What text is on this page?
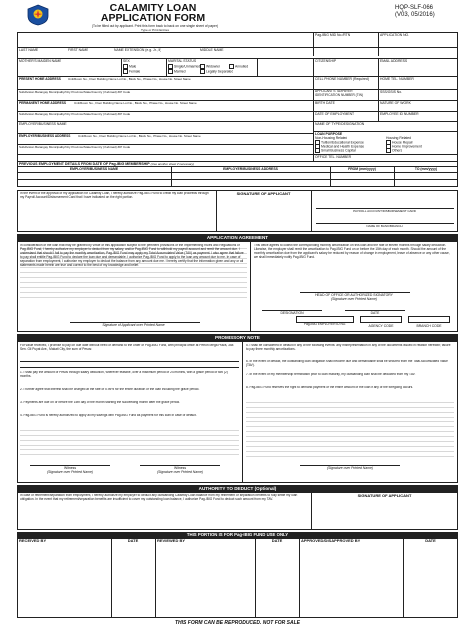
CALAMITY LOAN
APPLICATION FORM
(To be filled out by applicant. Print this form back to back on one single sheet of paper)
Type or Print Entries
HQP-SLF-066
(V03, 05/2016)
Pag-IBIG MID No./RTN	APPLICATION NO.
LAST NAME	FIRST NAME	NAME EXTENSION (e.g. Jr., II)	MIDDLE NAME
MOTHER'S MAIDEN NAME	SEX
Male
Female
MARITAL STATUS
Single/Unmarried
Married
Widow/er
Legally Separated
Annulled
CITIZENSHIP	EMAIL ADDRESS
PRESENT HOME ADDRESS	Unit/Room No., Floor Building Name Lot No., Block No., Phase No., House No. Street Name	CELL PHONE NUMBER (Required)	HOME TEL. NUMBER
Subdivision Barangay Municipality/City Province/State/Country (if abroad) ZIP Code	APPLICANT'S TAXPAYER IDENTIFICATION NUMBER (TIN)
SSS/GSIS No.
PERMANENT HOME ADDRESS	Unit/Room No., Floor Building Name Lot No., Block No., Phase No., House No. Street Name	BIRTH DATE	NATURE OF WORK
Subdivision Barangay Municipality/City Province/State/Country (if abroad) ZIP Code	DATE OF EMPLOYMENT	EMPLOYEE ID NUMBER
EMPLOYER/BUSINESS NAME	NAME OF TYPE/DESIGNATION
EMPLOYER/BUSINESS ADDRESS	Unit/Room No., Floor Building Name Lot No., Block No., Phase No., House No. Street Name
Subdivision Barangay Municipality/City Province/State/Country (if abroad) ZIP Code
LOAN PURPOSE
Non-Housing Related
Tuition/Educational Expense
Medical and Health Expense
Small Business Capital
Housing Related
House Repair
Home Improvement
Others
OFFICE TEL. NUMBER
PREVIOUS EMPLOYMENT DETAILS FROM DATE OF Pag-IBIG MEMBERSHIP (Use another sheet if necessary)
EMPLOYER/BUSINESS NAME	EMPLOYER/BUSINESS ADDRESS	FROM (mm/yyyy)	TO (mm/yyyy)
In the event of the approval of my application for Calamity Loan, I hereby authorize Pag-IBIG Fund to credit my loan proceeds through my Payroll Account/Disbursement Card that I have indicated on the right portion.
SIGNATURE OF APPLICANT
PAYROLL ACCOUNT/DISBURSEMENT CARD
NAME OF BANK/BRANCH
APPLICATION AGREEMENT
In consideration of the loan that may be granted by virtue of this application subject to the pertinent provisions of the Implementing Rules and Regulations of Pag-IBIG Fund, I hereby authorize my employer to deduct from my salary, and/or Pag-IBIG Fund to withhold my payroll account and remit the amount due. I understand that should I fail to pay the monthly amortization, Pag-IBIG Fund may apply my Total Accumulated Value (TAV) as payment. I also agree that failure to pay shall entitle Pag-IBIG Fund to declare the loan due and demandable. I authorize Pag-IBIG Fund to apply to the loan any amount due to me. In case of separation from employment, I authorize my employer to deduct the balance from any amount due me. I hereby certify that the information given and any or all statements made herein are true and correct to the best of my knowledge and belief.
Signature of Applicant over Printed Name
This office agrees to collect the corresponding monthly amortization on this loan and the rate of eleven months through salary deduction. Likewise, the employer shall remit the amortization to Pag-IBIG Fund on or before the 15th day of each month. Should the amount of the monthly amortization due from the applicant's salary be reduced by reason of change in employment, leave of absence or any other cause, we shall immediately notify Pag-IBIG Fund.
HEAD OF OFFICE OR AUTHORIZED SIGNATORY
(Signature over Printed Name)
DESIGNATION	DATE
Pag-IBIG EMPLOYER ID NO.	AGENCY CODE	BRANCH CODE
PROMISSORY NOTE
For value received, I promise to pay on due date without need of demand to the order of Pag-IBIG Fund, with principal office at Petron Mega Plaza, 358 Sen. Gil Puyat Ave., Makati City, the sum of Pesos:
1. I shall pay the amount of Pesos through salary deduction, wherever feasible, over a maximum period of 24 months, with a grace period of two (2) months.
2. I further agree that interest shall be charged at the rate of 5.95% for the entire duration of the loan including the grace period.
3. Payments are due on or before the 15th day of the month starting the succeeding month after the grace period.
4. Pag-IBIG Fund is hereby authorized to apply all my savings with Pag-IBIG Fund as payment for this loan in case of default.
5. I shall be considered in default in any of the following events: any misrepresentation in any of the documents issued in relation herewith; failure to pay three monthly amortizations.
6. In the event of default, the outstanding loan obligation shall become due and demandable shall be secured from the Total Accumulated Value (TAV).
7. In the event of my membership termination prior to loan maturity, my outstanding loan shall be deducted from my TAV.
8. Pag-IBIG Fund reserves the right to demand payment of the entire amount of the loan if any of the foregoing occurs.
Witness	Witness
(Signature over Printed Name)	(Signature over Printed Name)
(Signature over Printed Name)
AUTHORITY TO DEDUCT (Optional)
In case of retirement/separation from employment, I hereby authorize my employer to deduct any outstanding Calamity Loan balance from my retirement or separation benefits to fully settle my loan obligation. In the event that my retirement/separation benefits are insufficient to cover my outstanding loan balance, I authorize Pag-IBIG Fund to deduct such amount from my TAV.
SIGNATURE OF APPLICANT
THIS PORTION IS FOR Pag-IBIG FUND USE ONLY
RECEIVED BY	DATE	REVIEWED BY	DATE	APPROVED/DISAPPROVED BY	DATE
THIS FORM CAN BE REPRODUCED. NOT FOR SALE
